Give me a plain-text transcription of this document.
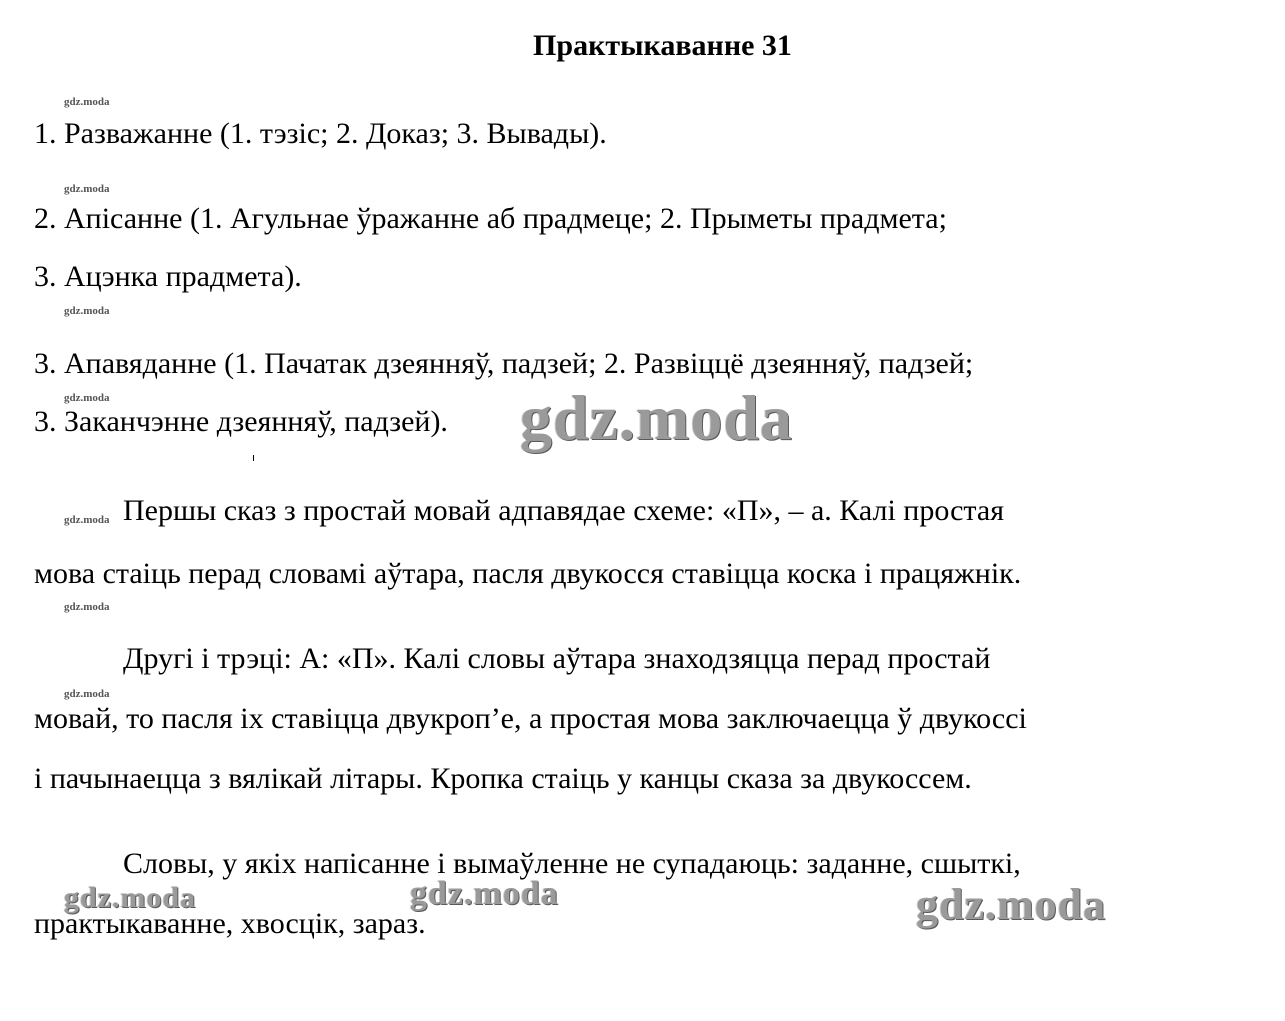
Практыкаванне 31
gdz.moda
gdz.moda
gdz.moda
gdz.moda
gdz.moda
gdz.moda
gdz.moda
1. Разважанне (1. тэзіс; 2. Доказ; 3. Вывады).
2. Апісанне (1. Агульнае ўражанне аб прадмеце; 2. Прыметы прадмета;
3. Ацэнка прадмета).
3. Апавяданне (1. Пачатак дзеянняў, падзей; 2. Развіццё дзеянняў, падзей;
3. Заканчэнне дзеянняў, падзей).
Першы сказ з простай мовай адпавядае схеме: «П», – а. Калі простая
мова стаіць перад словамі аўтара, пасля двукосся ставіцца коска і працяжнік.
Другі і трэці: А: «П». Калі словы аўтара знаходзяцца перад простай
мовай, то пасля іх ставіцца двукроп’е, а простая мова заключаецца ў двукоссі
і пачынаецца з вялікай літары. Кропка стаіць у канцы сказа за двукоссем.
Словы, у якіх напісанне і вымаўленне не супадаюць: заданне, сшыткі,
практыкаванне, хвосцік, зараз.
gdz.moda
gdz.moda	gdz.moda	gdz.moda
